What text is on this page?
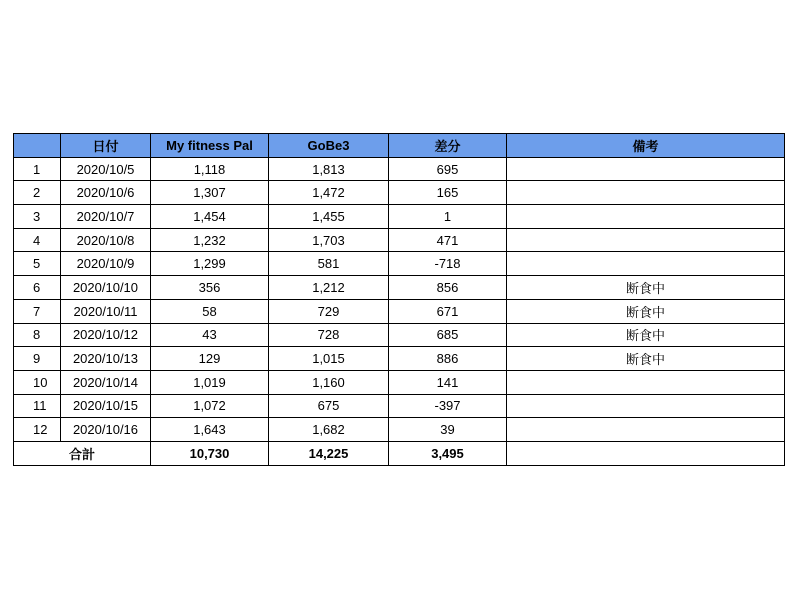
	日付	My fitness Pal	GoBe3	差分	備考
1	2020/10/5	1,118	1,813	695	
2	2020/10/6	1,307	1,472	165	
3	2020/10/7	1,454	1,455	1	
4	2020/10/8	1,232	1,703	471	
5	2020/10/9	1,299	581	-718	
6	2020/10/10	356	1,212	856	断食中
7	2020/10/11	58	729	671	断食中
8	2020/10/12	43	728	685	断食中
9	2020/10/13	129	1,015	886	断食中
10	2020/10/14	1,019	1,160	141	
11	2020/10/15	1,072	675	-397	
12	2020/10/16	1,643	1,682	39	
合計		10,730	14,225	3,495	
